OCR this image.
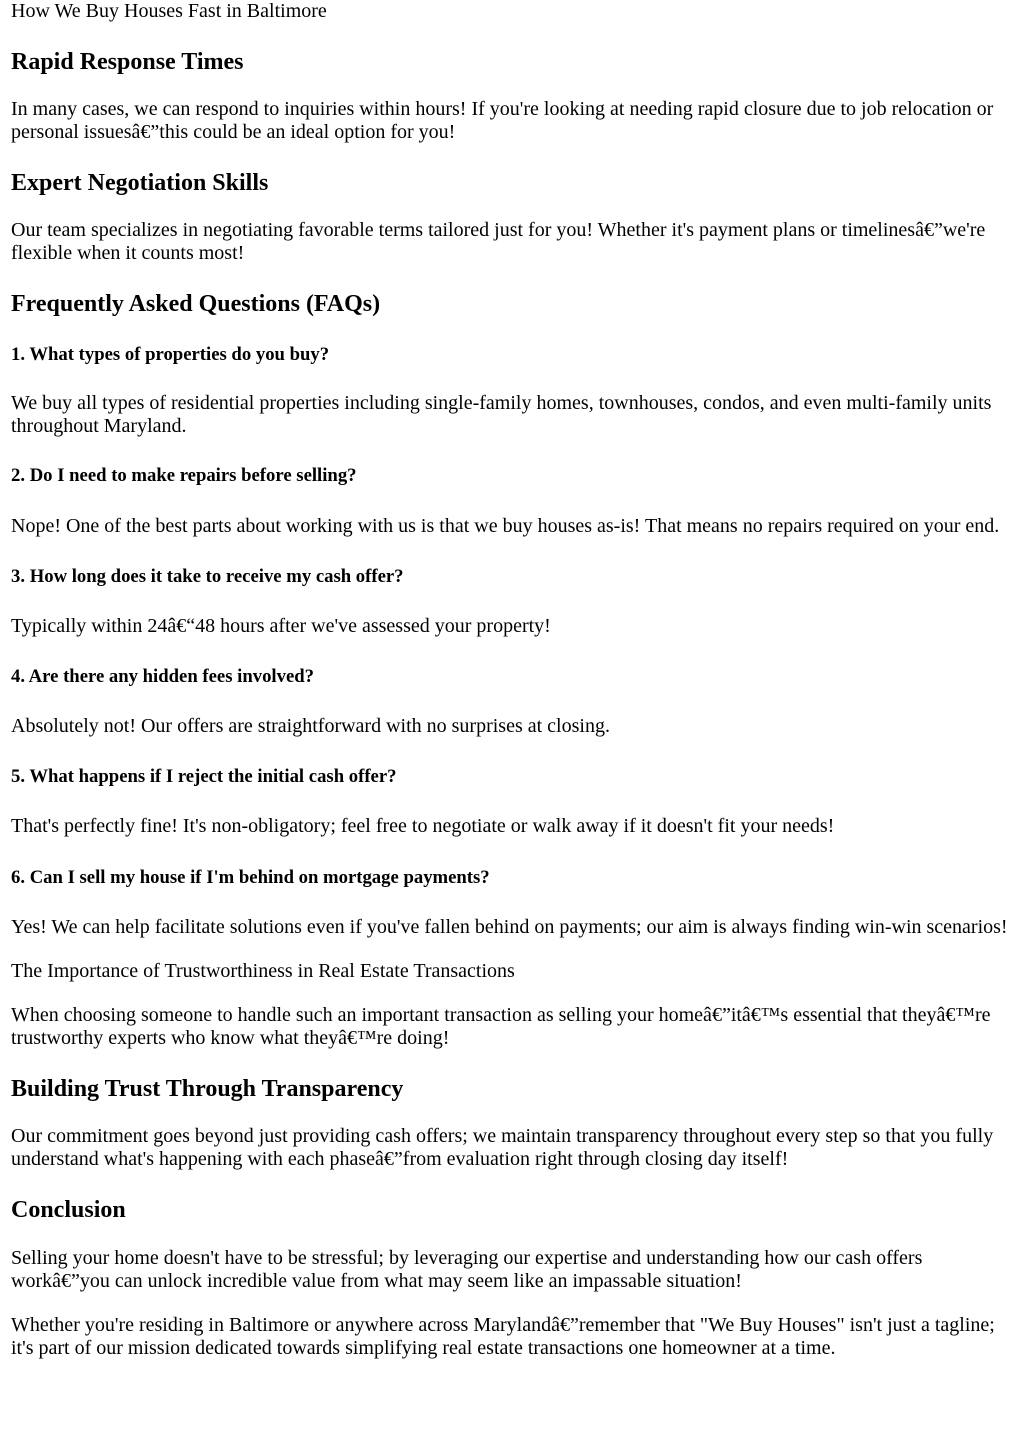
How We Buy Houses Fast in Baltimore

Rapid Response Times

In many cases, we can respond to inquiries within hours! If you're looking at needing rapid closure due to job relocation or personal issuesâ€”this could be an ideal option for you!

Expert Negotiation Skills

Our team specializes in negotiating favorable terms tailored just for you! Whether it's payment plans or timelinesâ€”we're flexible when it counts most!

Frequently Asked Questions (FAQs)
1. What types of properties do you buy?

We buy all types of residential properties including single-family homes, townhouses, condos, and even multi-family units throughout Maryland.

2. Do I need to make repairs before selling?

Nope! One of the best parts about working with us is that we buy houses as-is! That means no repairs required on your end.

3. How long does it take to receive my cash offer?

Typically within 24â€“48 hours after we've assessed your property!

4. Are there any hidden fees involved?

Absolutely not! Our offers are straightforward with no surprises at closing.

5. What happens if I reject the initial cash offer?

That's perfectly fine! It's non-obligatory; feel free to negotiate or walk away if it doesn't fit your needs!

6. Can I sell my house if I'm behind on mortgage payments?

Yes! We can help facilitate solutions even if you've fallen behind on payments; our aim is always finding win-win scenarios!

The Importance of Trustworthiness in Real Estate Transactions

When choosing someone to handle such an important transaction as selling your homeâ€”itâ€™s essential that theyâ€™re trustworthy experts who know what theyâ€™re doing!

Building Trust Through Transparency

Our commitment goes beyond just providing cash offers; we maintain transparency throughout every step so that you fully understand what's happening with each phaseâ€”from evaluation right through closing day itself!

Conclusion

Selling your home doesn't have to be stressful; by leveraging our expertise and understanding how our cash offers workâ€”you can unlock incredible value from what may seem like an impassable situation!

Whether you're residing in Baltimore or anywhere across Marylandâ€”remember that "We Buy Houses" isn't just a tagline; it's part of our mission dedicated towards simplifying real estate transactions one homeowner at a time.
